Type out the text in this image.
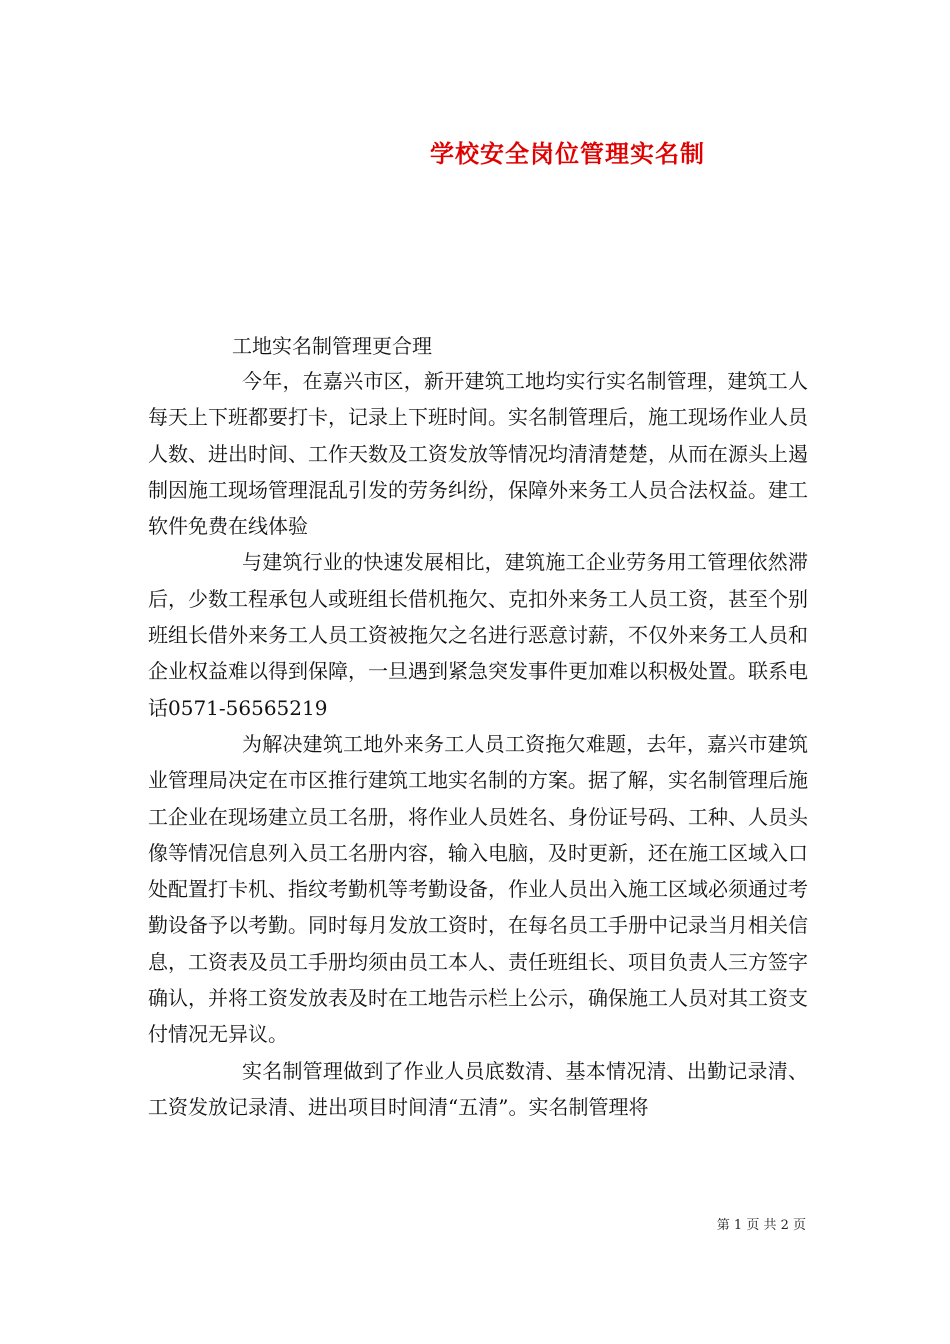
学校安全岗位管理实名制
工地实名制管理更合理

今年，在嘉兴市区，新开建筑工地均实行实名制管理，建筑工人每天上下班都要打卡，记录上下班时间。实名制管理后，施工现场作业人员人数、进出时间、工作天数及工资发放等情况均清清楚楚，从而在源头上遏制因施工现场管理混乱引发的劳务纠纷，保障外来务工人员合法权益。建工软件免费在线体验

与建筑行业的快速发展相比，建筑施工企业劳务用工管理依然滞后，少数工程承包人或班组长借机拖欠、克扣外来务工人员工资，甚至个别班组长借外来务工人员工资被拖欠之名进行恶意讨薪，不仅外来务工人员和企业权益难以得到保障，一旦遇到紧急突发事件更加难以积极处置。联系电话0571-56565219

为解决建筑工地外来务工人员工资拖欠难题，去年，嘉兴市建筑业管理局决定在市区推行建筑工地实名制的方案。据了解，实名制管理后施工企业在现场建立员工名册，将作业人员姓名、身份证号码、工种、人员头像等情况信息列入员工名册内容，输入电脑，及时更新，还在施工区域入口处配置打卡机、指纹考勤机等考勤设备，作业人员出入施工区域必须通过考勤设备予以考勤。同时每月发放工资时，在每名员工手册中记录当月相关信息，工资表及员工手册均须由员工本人、责任班组长、项目负责人三方签字确认，并将工资发放表及时在工地告示栏上公示，确保施工人员对其工资支付情况无异议。

实名制管理做到了作业人员底数清、基本情况清、出勤记录清、工资发放记录清、进出项目时间清“五清”。实名制管理将

第 1 页 共 2 页
